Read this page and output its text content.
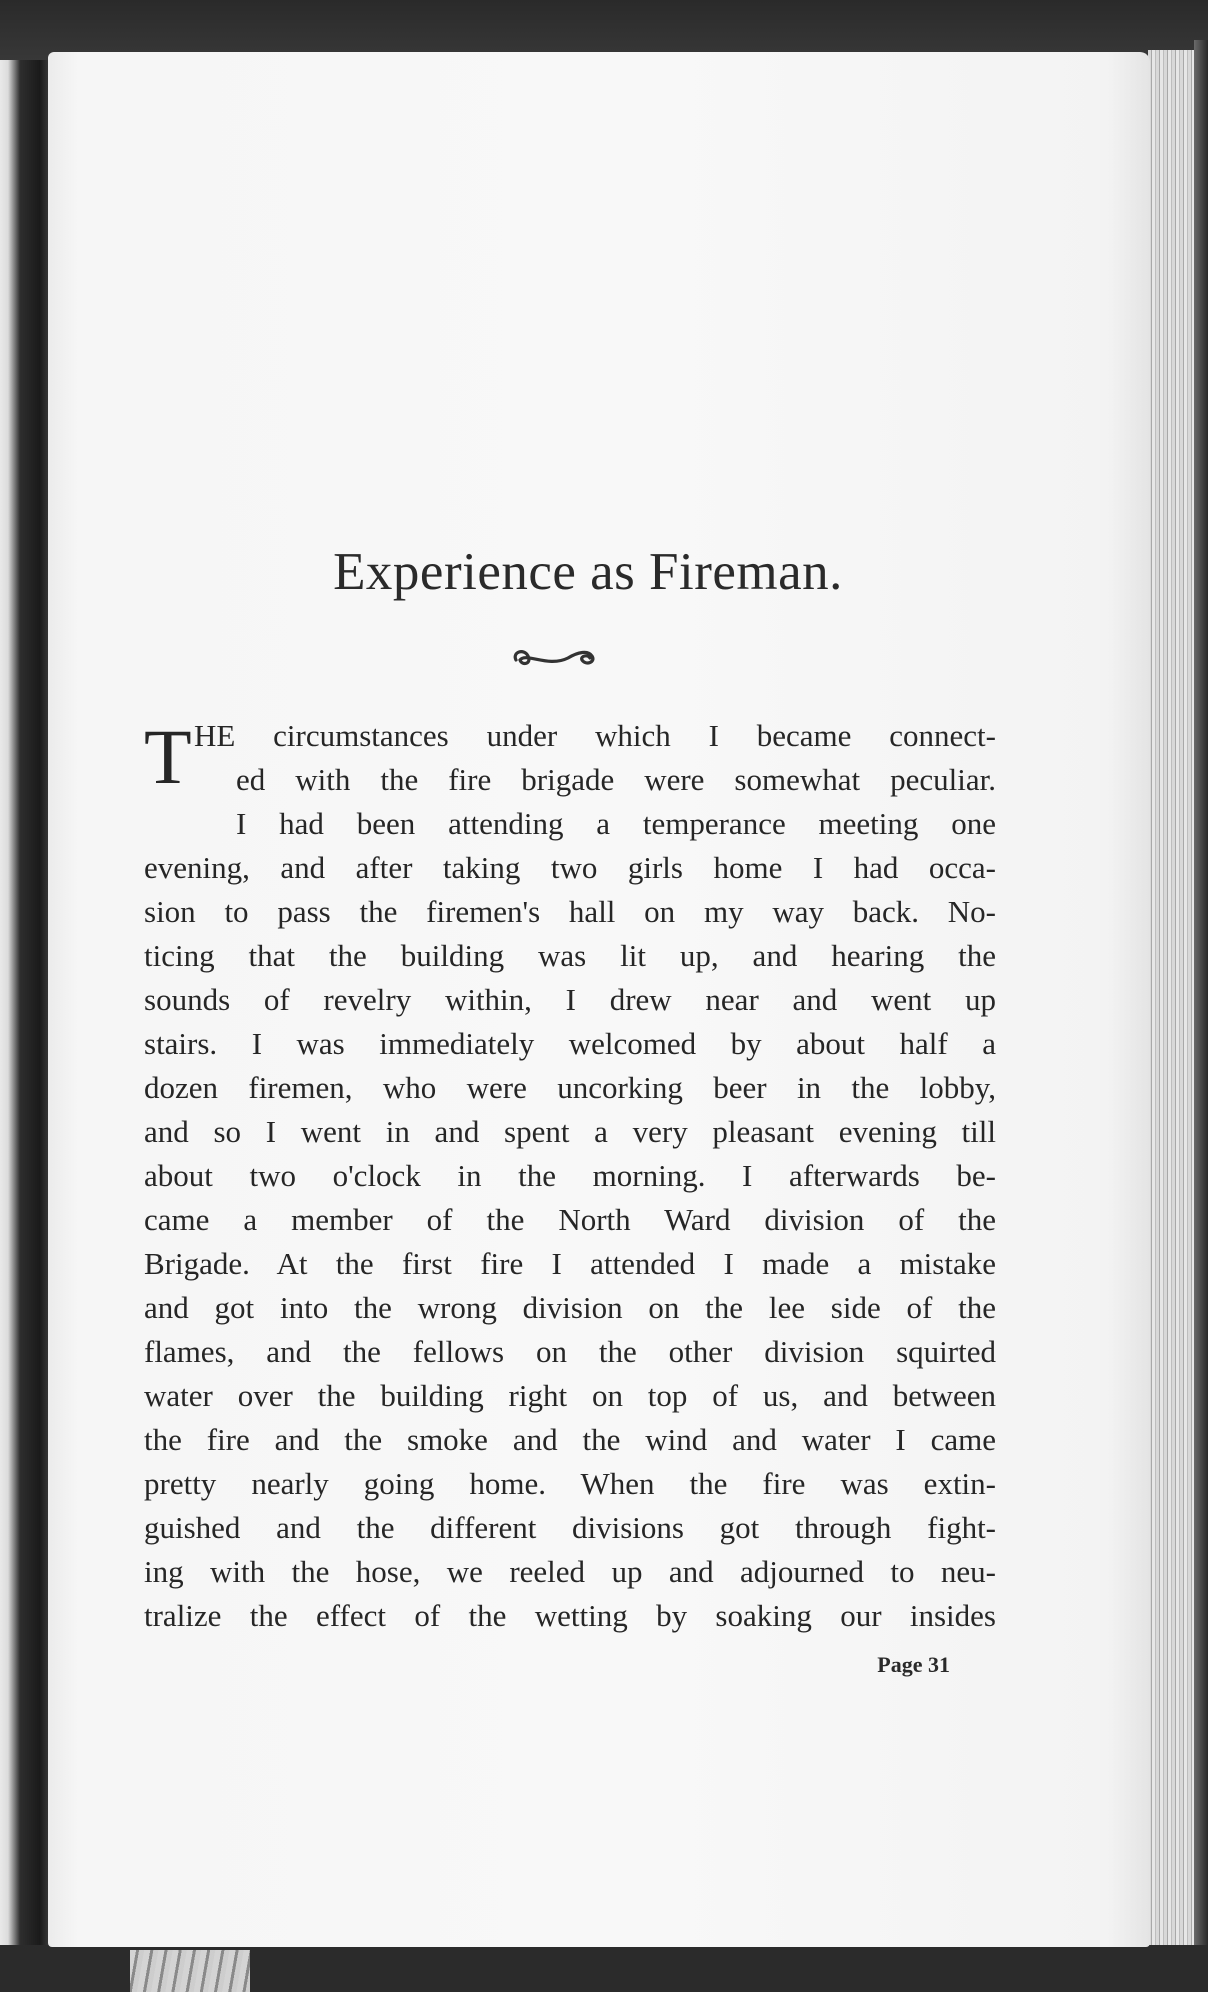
Experience as Fireman.
T HE circumstances under which I became connect-

ed with the fire brigade were somewhat peculiar.

I had been attending a temperance meeting one

evening, and after taking two girls home I had occa-

sion to pass the firemen's hall on my way back. No-

ticing that the building was lit up, and hearing the

sounds of revelry within, I drew near and went up

stairs. I was immediately welcomed by about half a

dozen firemen, who were uncorking beer in the lobby,

and so I went in and spent a very pleasant evening till

about two o'clock in the morning. I afterwards be-

came a member of the North Ward division of the

Brigade. At the first fire I attended I made a mistake

and got into the wrong division on the lee side of the

flames, and the fellows on the other division squirted

water over the building right on top of us, and between

the fire and the smoke and the wind and water I came

pretty nearly going home. When the fire was extin-

guished and the different divisions got through fight-

ing with the hose, we reeled up and adjourned to neu-

tralize the effect of the wetting by soaking our insides

Page 31
